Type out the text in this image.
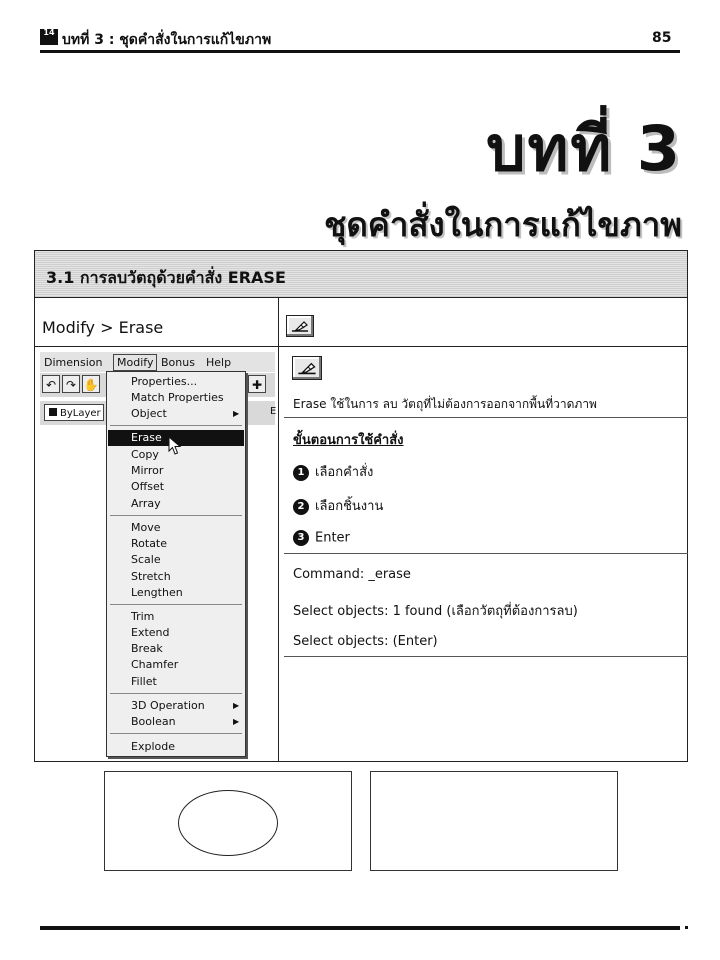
14 บทที่ 3 : ชุดคำสั่งในการแก้ไขภาพ	85
บทที่ 3
ชุดคำสั่งในการแก้ไขภาพ
3.1 การลบวัตถุด้วยคำสั่ง ERASE
Modify > Erase
Erase ใช้ในการ ลบ วัตถุที่ไม่ต้องการออกจากพื้นที่วาดภาพ
ขั้นตอนการใช้คำสั่ง
1 เลือกคำสั่ง
2 เลือกชิ้นงาน
3 Enter
Command: _erase
Select objects: 1 found (เลือกวัตถุที่ต้องการลบ)
Select objects: (Enter)
Dimension	Modify Bonus Help
↶ ↷ ✋	✚
ByLayer	E
Properties...
Match Properties
Object	▶
Erase
Copy
Mirror
Offset
Array
Move
Rotate
Scale
Stretch
Lengthen
Trim
Extend
Break
Chamfer
Fillet
3D Operation	▶
Boolean	▶
Explode
